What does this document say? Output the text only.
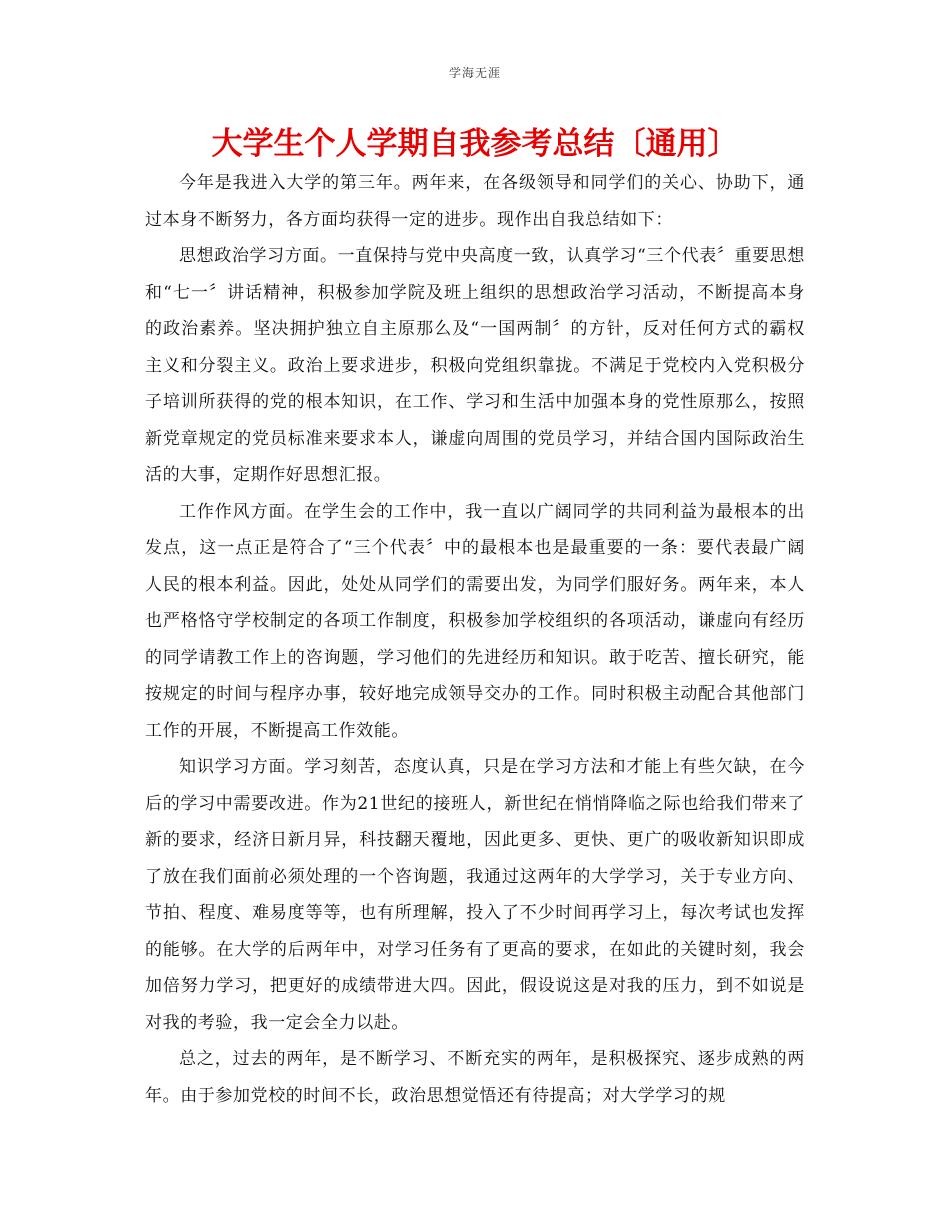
学海无涯
大学生个人学期自我参考总结〔通用〕

今年是我进入大学的第三年。两年来，在各级领导和同学们的关心、协助下，通过本身不断努力，各方面均获得一定的进步。现作出自我总结如下：

思想政治学习方面。一直保持与党中央高度一致，认真学习“三个代表〞重要思想和“七一〞讲话精神，积极参加学院及班上组织的思想政治学习活动，不断提高本身的政治素养。坚决拥护独立自主原那么及“一国两制〞的方针，反对任何方式的霸权主义和分裂主义。政治上要求进步，积极向党组织靠拢。不满足于党校内入党积极分子培训所获得的党的根本知识，在工作、学习和生活中加强本身的党性原那么，按照新党章规定的党员标准来要求本人，谦虚向周围的党员学习，并结合国内国际政治生活的大事，定期作好思想汇报。

工作作风方面。在学生会的工作中，我一直以广阔同学的共同利益为最根本的出发点，这一点正是符合了“三个代表〞中的最根本也是最重要的一条：要代表最广阔人民的根本利益。因此，处处从同学们的需要出发，为同学们服好务。两年来，本人也严格恪守学校制定的各项工作制度，积极参加学校组织的各项活动，谦虚向有经历的同学请教工作上的咨询题，学习他们的先进经历和知识。敢于吃苦、擅长研究，能按规定的时间与程序办事，较好地完成领导交办的工作。同时积极主动配合其他部门工作的开展，不断提高工作效能。

知识学习方面。学习刻苦，态度认真，只是在学习方法和才能上有些欠缺，在今后的学习中需要改进。作为21世纪的接班人，新世纪在悄悄降临之际也给我们带来了新的要求，经济日新月异，科技翻天覆地，因此更多、更快、更广的吸收新知识即成了放在我们面前必须处理的一个咨询题，我通过这两年的大学学习，关于专业方向、节拍、程度、难易度等等，也有所理解，投入了不少时间再学习上，每次考试也发挥的能够。在大学的后两年中，对学习任务有了更高的要求，在如此的关键时刻，我会加倍努力学习，把更好的成绩带进大四。因此，假设说这是对我的压力，到不如说是对我的考验，我一定会全力以赴。

总之，过去的两年，是不断学习、不断充实的两年，是积极探究、逐步成熟的两年。由于参加党校的时间不长，政治思想觉悟还有待提高；对大学学习的规
